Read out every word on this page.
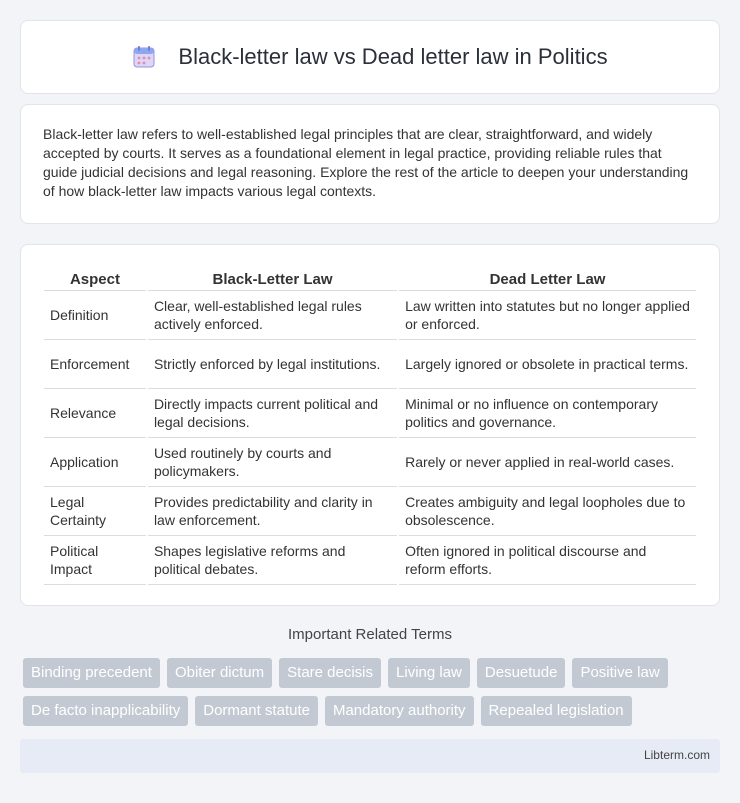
Black-letter law vs Dead letter law in Politics

Black-letter law refers to well-established legal principles that are clear, straightforward, and widely accepted by courts. It serves as a foundational element in legal practice, providing reliable rules that guide judicial decisions and legal reasoning. Explore the rest of the article to deepen your understanding of how black-letter law impacts various legal contexts.

Aspect	Black-Letter Law	Dead Letter Law
Definition	Clear, well-established legal rules actively enforced.	Law written into statutes but no longer applied or enforced.
Enforcement	Strictly enforced by legal institutions.	Largely ignored or obsolete in practical terms.
Relevance	Directly impacts current political and legal decisions.	Minimal or no influence on contemporary politics and governance.
Application	Used routinely by courts and policymakers.	Rarely or never applied in real-world cases.
Legal Certainty	Provides predictability and clarity in law enforcement.	Creates ambiguity and legal loopholes due to obsolescence.
Political Impact	Shapes legislative reforms and political debates.	Often ignored in political discourse and reform efforts.
Important Related Terms
Binding precedent	Obiter dictum	Stare decisis	Living law	Desuetude	Positive law
De facto inapplicability	Dormant statute	Mandatory authority	Repealed legislation
Libterm.com
